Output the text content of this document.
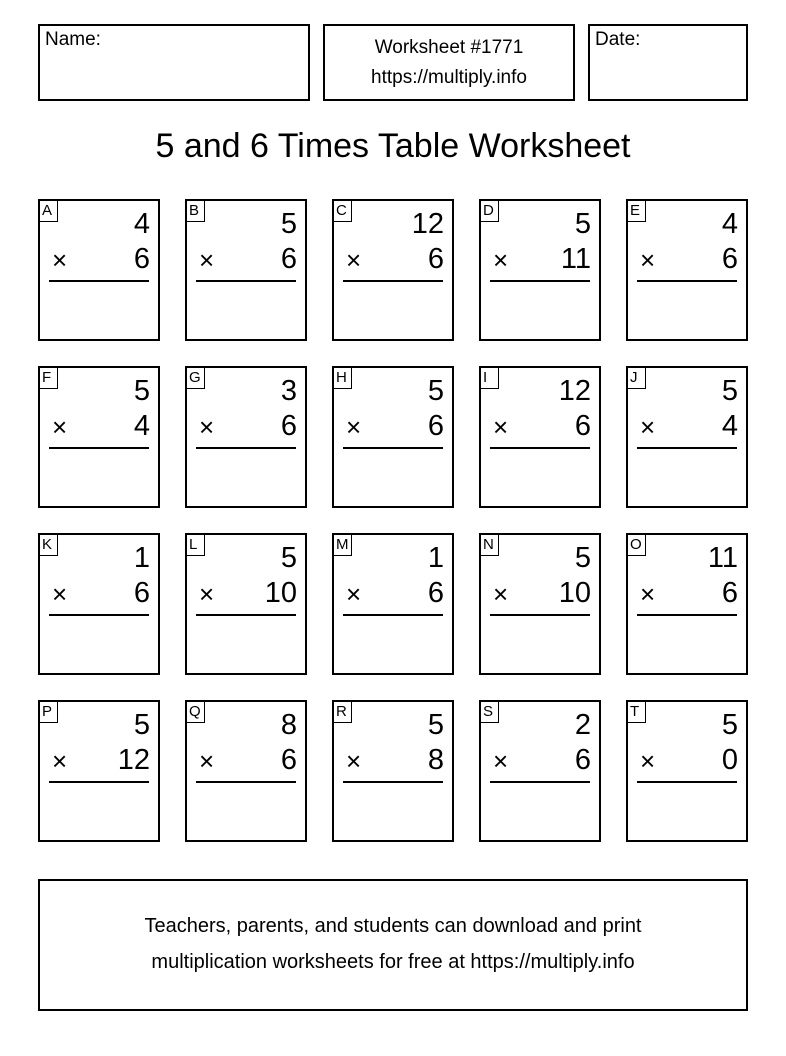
Name:	Worksheet #1771
https://multiply.info
Date:
5 and 6 Times Table Worksheet
A	4
× 6
B	5
× 6
C 12
× 6
D	5
× 11
E	4
× 6
F	5
× 4
G	3
× 6
H	5
× 6
I	12
× 6
J	5
× 4
K	1
× 6
L	5
× 10
M	1
× 6
N	5
× 10
O 11
× 6
P	5
× 12
Q	8
× 6
R	5
× 8
S	2
× 6
T	5
× 0
Teachers, parents, and students can download and print
multiplication worksheets for free at https://multiply.info
